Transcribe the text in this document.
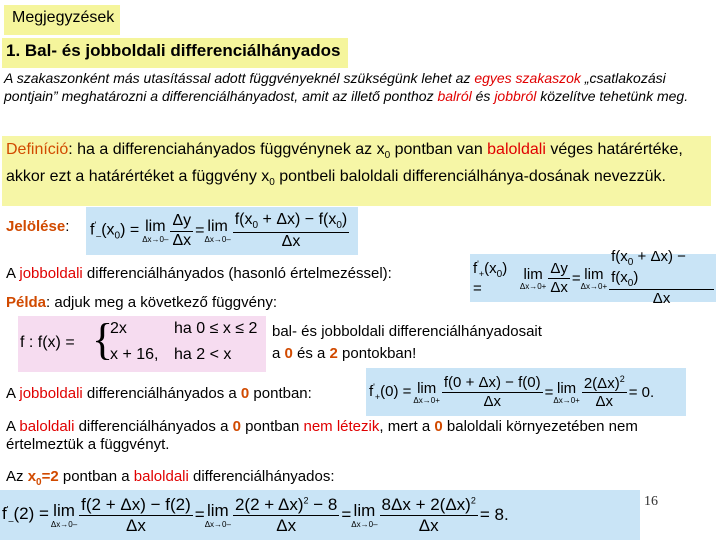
Megjegyzések
1. Bal- és jobboldali differenciálhányados
A szakaszonként más utasítással adott függvényeknél szükségünk lehet az egyes szakaszok „csatlakozási pontjain” meghatározni a differenciálhányadost, amit az illető ponthoz balról és jobbról közelítve tehetünk meg.
Definíció: ha a differenciahányados függvénynek az $x_0$ pontban van baloldali véges határértéke, akkor ezt a határértéket a függvény $x_0$ pontbeli baloldali differenciálhánya-dosának nevezzük.
Jelölése: $f'_-(x_0) = \lim$
$\Delta x\to 0- \frac{\Delta y}{\Delta x} = \lim$
$\Delta x\to 0- \frac{f(x_0 + \Delta x) - f(x_0)}{\Delta x}$
A jobboldali differenciálhányados (hasonló értelmezéssel):	$f'_+(x_0)$ =
lim
$\Delta x\to 0+ \frac{\Delta y}{\Delta x} = \lim$
$\Delta x\to 0+ \frac{f(x_0 + \Delta x) - f(x_0)}{\Delta x}$
Példa: adjuk meg a következő függvény:
f : f(x) = {
2x
x + 16,
ha 0 ≤ x ≤ 2
ha 2 < x
bal- és jobboldali differenciálhányadosait
a 0 és a 2 pontokban!
A jobboldali differenciálhányados a 0 pontban:	$f'_+(0) = \lim$
$\Delta x\to 0+ \frac{f(0 + \Delta x) - f(0)}{\Delta x} = \lim$
$\Delta x\to 0+ \frac{2(\Delta x)^2}{\Delta x} = 0$.
A baloldali differenciálhányados a 0 pontban nem létezik, mert a 0 baloldali környezetében nem értelmeztük a függvényt.
Az $x_0=2$ pontban a baloldali differenciálhányados:
$f'_-(2) = \lim$
$\Delta x\to 0- \frac{f(2 + \Delta x) - f(2)}{\Delta x} = \lim$
$\Delta x\to 0- \frac{2(2 + \Delta x)^2 - 8}{\Delta x} = \lim$
$\Delta x\to 0- \frac{8\Delta x + 2(\Delta x)^2}{\Delta x} = 8$.
16
